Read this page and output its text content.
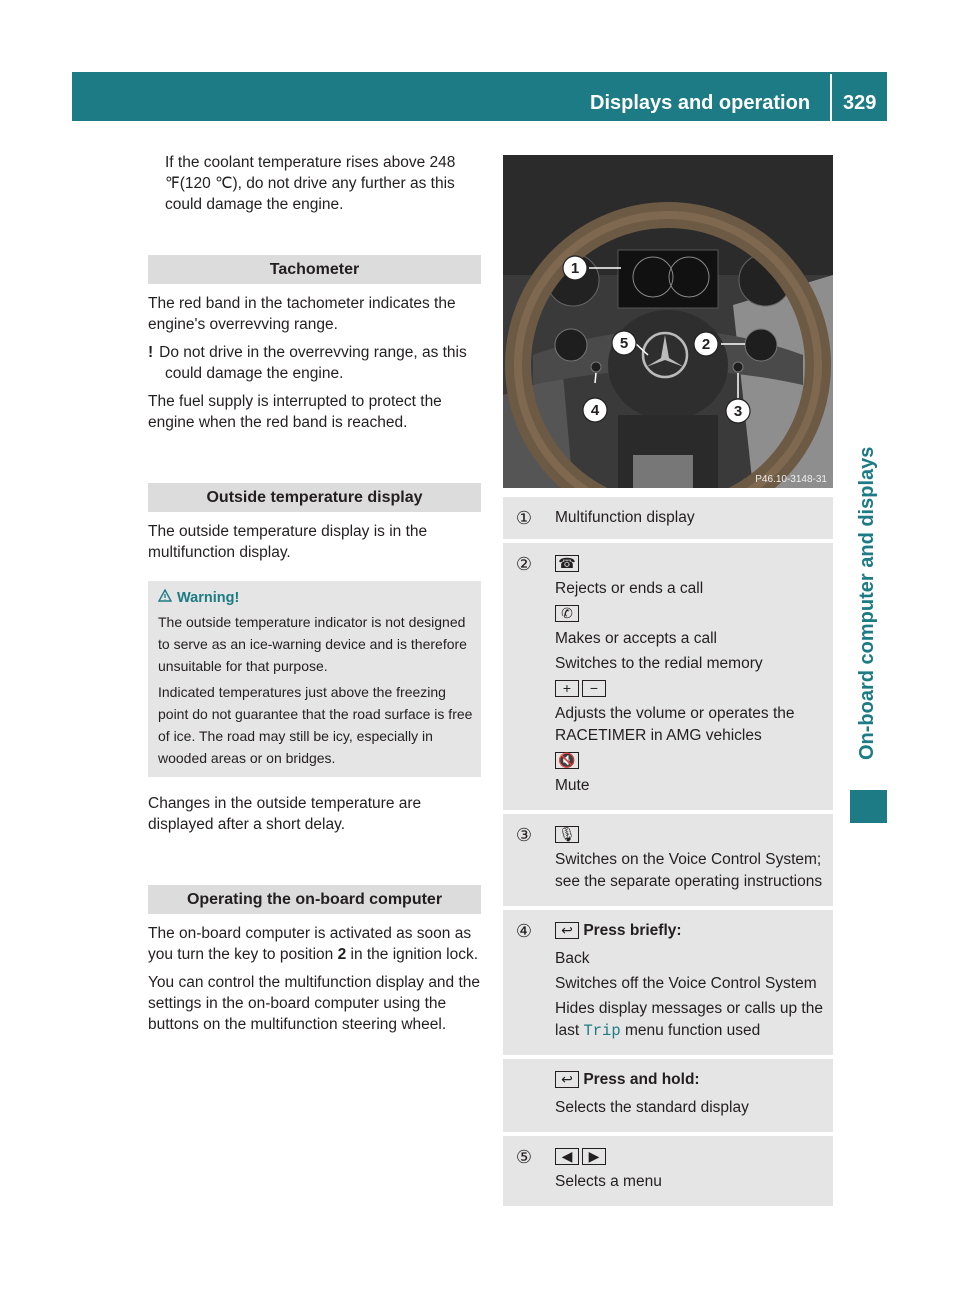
Displays and operation 329
On-board computer and displays

If the coolant temperature rises above 248 ℉(120 ℃), do not drive any further as this could damage the engine.

Tachometer

The red band in the tachometer indicates the engine's overrevving range.

! Do not drive in the overrevving range, as this could damage the engine.

The fuel supply is interrupted to protect the engine when the red band is reached.

Outside temperature display

The outside temperature display is in the multifunction display.

Warning!
The outside temperature indicator is not designed to serve as an ice-warning device and is therefore unsuitable for that purpose.
Indicated temperatures just above the freezing point do not guarantee that the road surface is free of ice. The road may still be icy, especially in wooded areas or on bridges.

Changes in the outside temperature are displayed after a short delay.

Operating the on-board computer

The on-board computer is activated as soon as you turn the key to position 2 in the ignition lock.

You can control the multifunction display and the settings in the on-board computer using the buttons on the multifunction steering wheel.

1
2
3
4
5
P46.10-3148-31
①	Multifunction display
②	☎
Rejects or ends a call
✆
Makes or accepts a call
Switches to the redial memory
+ −
Adjusts the volume or operates the RACETIMER in AMG vehicles
🔇
Mute
③	🎙
Switches on the Voice Control System; see the separate operating instructions
④	↩ Press briefly:
Back
Switches off the Voice Control System
Hides display messages or calls up the last Trip menu function used
↩ Press and hold:
Selects the standard display
⑤	◀ ▶
Selects a menu
